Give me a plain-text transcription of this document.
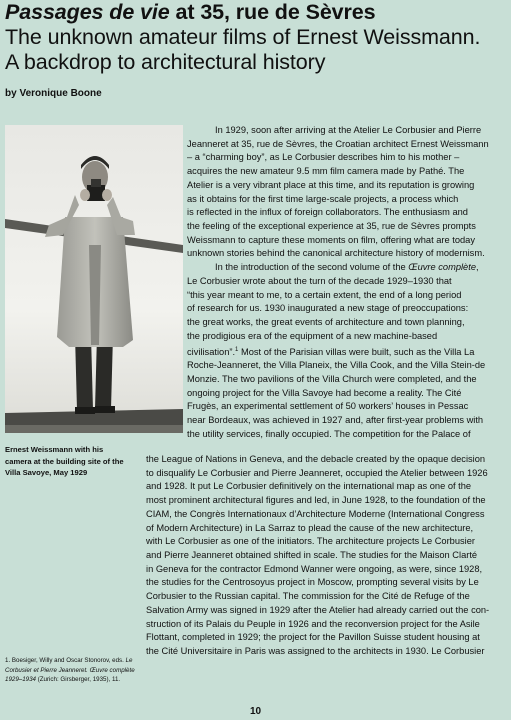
Passages de vie at 35, rue de Sèvres
The unknown amateur films of Ernest Weissmann.
A backdrop to architectural history
by Veronique Boone
Ernest Weissmann with his camera at the building site of the Villa Savoye, May 1929
1. Boesiger, Willy and Oscar Stonorov, eds. Le Corbusier et Pierre Jeanneret. Œuvre complète 1929–1934 (Zurich: Girsberger, 1935), 11.
In 1929, soon after arriving at the Atelier Le Corbusier and Pierre
Jeanneret at 35, rue de Sèvres, the Croatian architect Ernest Weissmann
– a “charming boy”, as Le Corbusier describes him to his mother –
acquires the new amateur 9.5 mm film camera made by Pathé. The
Atelier is a very vibrant place at this time, and its reputation is growing
as it obtains for the first time large-scale projects, a process which
is reflected in the influx of foreign collaborators. The enthusiasm and
the feeling of the exceptional experience at 35, rue de Sèvres prompts
Weissmann to capture these moments on film, offering what are today
unknown stories behind the canonical architecture history of modernism.
In the introduction of the second volume of the Œuvre complète,
Le Corbusier wrote about the turn of the decade 1929–1930 that
“this year meant to me, to a certain extent, the end of a long period
of research for us. 1930 inaugurated a new stage of preoccupations:
the great works, the great events of architecture and town planning,
the prodigious era of the equipment of a new machine-based
civilisation”.$^1$ Most of the Parisian villas were built, such as the Villa La
Roche-Jeanneret, the Villa Planeix, the Villa Cook, and the Villa Stein-de
Monzie. The two pavilions of the Villa Church were completed, and the
ongoing project for the Villa Savoye had become a reality. The Cité
Frugès, an experimental settlement of 50 workers’ houses in Pessac
near Bordeaux, was achieved in 1927 and, after first-year problems with
the utility services, finally occupied. The competition for the Palace of
the League of Nations in Geneva, and the debacle created by the opaque decision
to disqualify Le Corbusier and Pierre Jeanneret, occupied the Atelier between 1926
and 1928. It put Le Corbusier definitively on the international map as one of the
most prominent architectural figures and led, in June 1928, to the foundation of the
CIAM, the Congrès Internationaux d’Architecture Moderne (International Congress
of Modern Architecture) in La Sarraz to plead the cause of the new architecture,
with Le Corbusier as one of the initiators. The architecture projects Le Corbusier
and Pierre Jeanneret obtained shifted in scale. The studies for the Maison Clarté
in Geneva for the contractor Edmond Wanner were ongoing, as were, since 1928,
the studies for the Centrosoyus project in Moscow, prompting several visits by Le
Corbusier to the Russian capital. The commission for the Cité de Refuge of the
Salvation Army was signed in 1929 after the Atelier had already carried out the con-
struction of its Palais du Peuple in 1926 and the reconversion project for the Asile
Flottant, completed in 1929; the project for the Pavillon Suisse student housing at
the Cité Universitaire in Paris was assigned to the architects in 1930. Le Corbusier
10
